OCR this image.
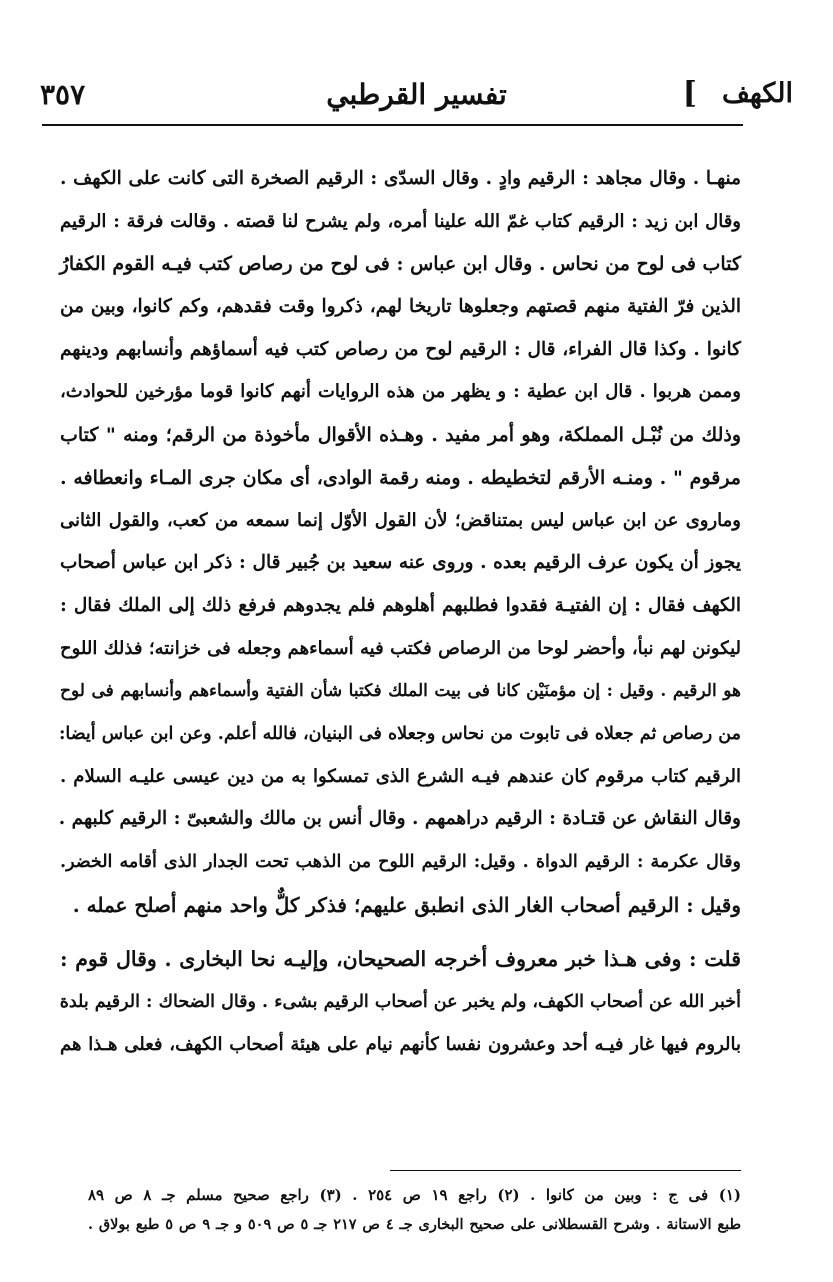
الكهف
]
تفسير القرطبي
٣٥٧
منهـا . وقال مجاهد : الرقيم وادٍ . وقال السدّى : الرقيم الصخرة التى كانت على الكهف .
وقال ابن زيد : الرقيم كتاب غمّ الله علينا أمره، ولم يشرح لنا قصته . وقالت فرقة : الرقيم
كتاب فى لوح من نحاس . وقال ابن عباس : فى لوح من رصاص كتب فيـه القوم الكفارُ
الذين فرّ الفتية منهم قصتهم وجعلوها تاريخا لهم، ذكروا وقت فقدهم، وكم كانوا، وبين من
كانوا . وكذا قال الفراء، قال : الرقيم لوح من رصاص كتب فيه أسماؤهم وأنسابهم ودينهم
وممن هربوا . قال ابن عطية : و يظهر من هذه الروايات أنهم كانوا قوما مؤرخين للحوادث،
وذلك من نُبْـل المملكة، وهو أمر مفيد . وهـذه الأقوال مأخوذة من الرقم؛ ومنه " كتاب
مرقوم " . ومنـه الأرقم لتخطيطه . ومنه رقمة الوادى، أى مكان جرى المـاء وانعطافه .
وماروى عن ابن عباس ليس بمتناقض؛ لأن القول الأوّل إنما سمعه من كعب، والقول الثانى
يجوز أن يكون عرف الرقيم بعده . وروى عنه سعيد بن جُبير قال : ذكر ابن عباس أصحاب
الكهف فقال : إن الفتيـة فقدوا فطلبهم أهلوهم فلم يجدوهم فرفع ذلك إلى الملك فقال :
ليكونن لهم نبأ، وأحضر لوحا من الرصاص فكتب فيه أسماءهم وجعله فى خزانته؛ فذلك اللوح
هو الرقيم . وقيل : إن مؤمنَيْن كانا فى بيت الملك فكتبا شأن الفتية وأسماءهم وأنسابهم فى لوح
من رصاص ثم جعلاه فى تابوت من نحاس وجعلاه فى البنيان، فالله أعلم. وعن ابن عباس أيضا:
الرقيم كتاب مرقوم كان عندهم فيـه الشرع الذى تمسكوا به من دين عيسى عليـه السلام .
وقال النقاش عن قتـادة : الرقيم دراهمهم . وقال أنس بن مالك والشعبىّ : الرقيم كلبهم .
وقال عكرمة : الرقيم الدواة . وقيل: الرقيم اللوح من الذهب تحت الجدار الذى أقامه الخضر.
وقيل : الرقيم أصحاب الغار الذى انطبق عليهم؛ فذكر كلٌّ واحد منهم أصلح عمله .
قلت : وفى هـذا خبر معروف أخرجه الصحيحان، وإليـه نحا البخارى . وقال قوم :
أخبر الله عن أصحاب الكهف، ولم يخبر عن أصحاب الرقيم بشىء . وقال الضحاك : الرقيم بلدة
بالروم فيها غار فيـه أحد وعشرون نفسا كأنهم نيام على هيئة أصحاب الكهف، فعلى هـذا هم
(١) فى ج : وبين من كانوا . (٢) راجع ١٩ ص ٢٥٤ . (٣) راجع صحيح مسلم جـ ٨ ص ٨٩
طبع الاستانة . وشرح القسطلانى على صحيح البخارى جـ ٤ ص ٢١٧ جـ ٥ ص ٥٠٩ و جـ ٩ ص ٥ طبع بولاق .
